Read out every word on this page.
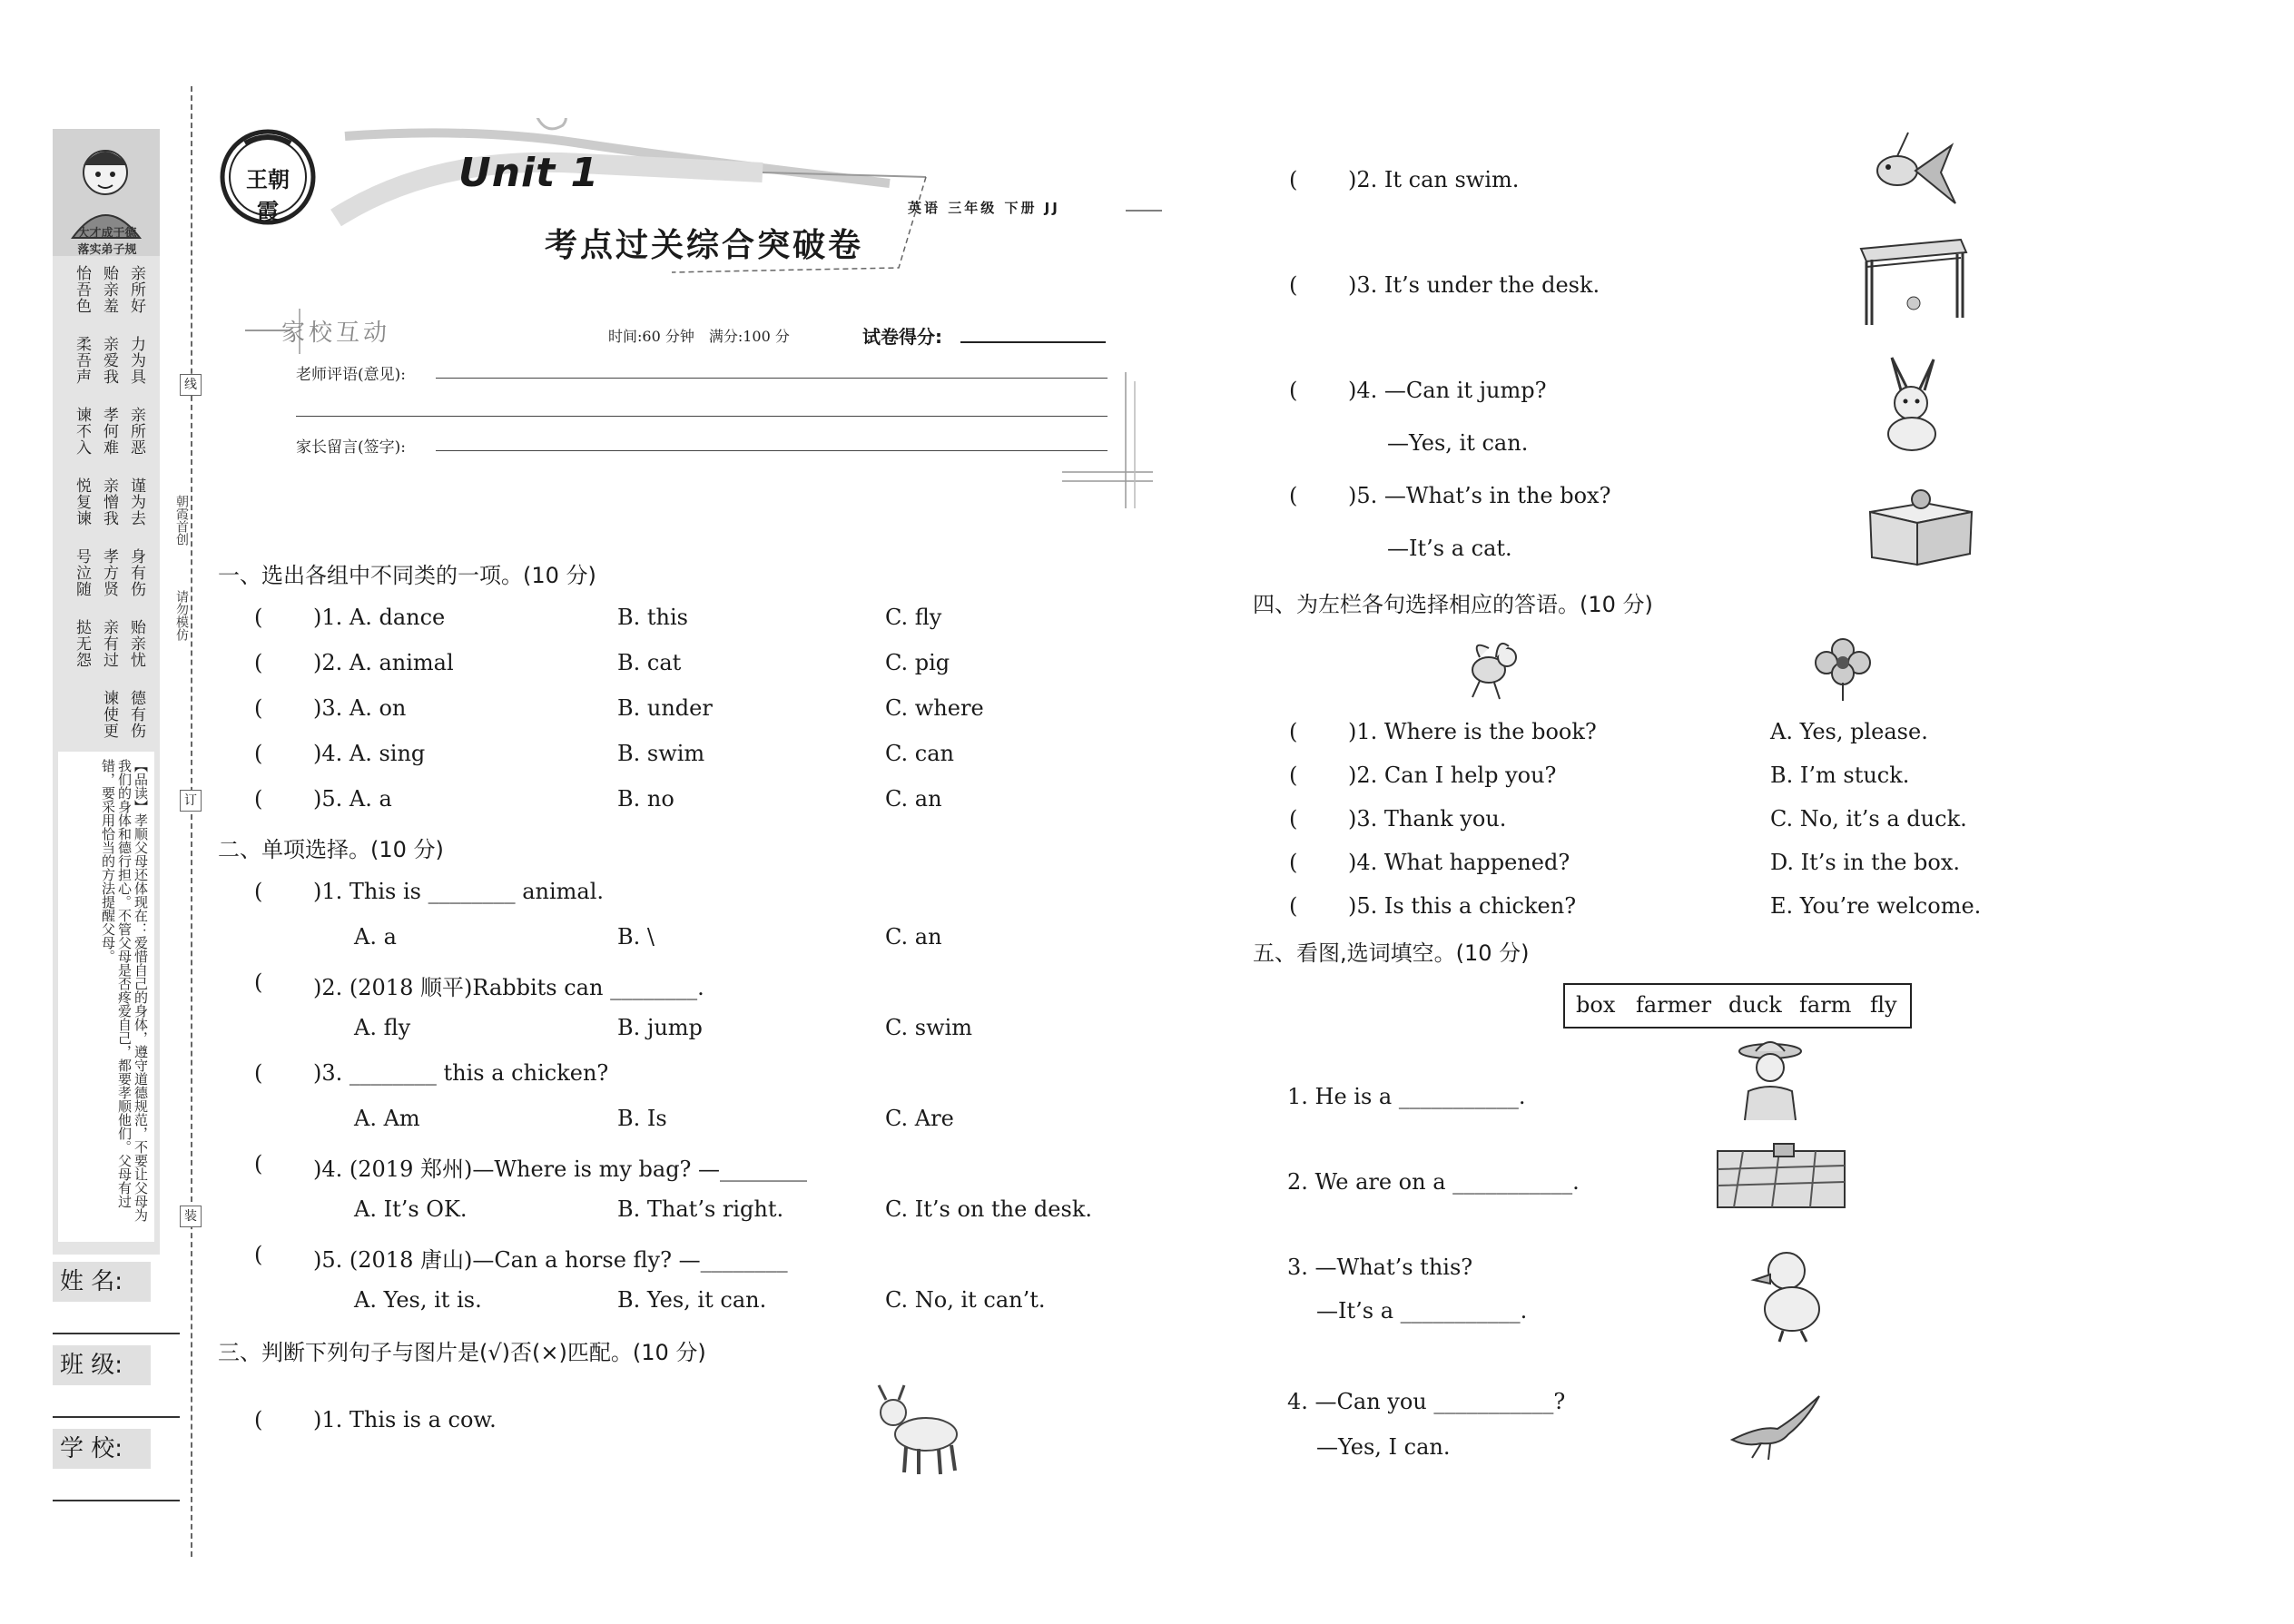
大才成于德
落实弟子规
亲所好
力为具
亲所恶
谨为去
身有伤
贻亲忧
德有伤
贻亲羞
亲爱我
孝何难
亲憎我
孝方贤
亲有过
谏使更
怡吾色
柔吾声
谏不入
悦复谏
号泣随
挞无怨
【品读】孝顺父母还体现在：爱惜自己的身体，遵守道德规范，不要让父母为我们的身体和德行担心。不管父母是否疼爱自己，都要孝顺他们。父母有过错，要采用恰当的方法提醒父母。
姓 名:
班 级:
学 校:
线
订
装
朝霞首创
请勿模仿
王朝霞
Unit 1
考点过关综合突破卷
英语 三年级 下册 JJ
家校互动	时间:60 分钟　满分:100 分	试卷得分:
老师评语(意见):
家长留言(签字):
一、选出各组中不同类的一项。(10 分)
( )1. A. dance	B. this	C. fly
( )2. A. animal	B. cat	C. pig
( )3. A. on	B. under	C. where
( )4. A. sing	B. swim	C. can
( )5. A. a	B. no	C. an
二、单项选择。(10 分)
( )1. This is ________ animal.
A. a	B. \	C. an
( )2. (2018 顺平)Rabbits can ________.
A. fly	B. jump	C. swim
( )3. ________ this a chicken?
A. Am	B. Is	C. Are
( )4. (2019 郑州)—Where is my bag? —________
A. It’s OK.	B. That’s right.	C. It’s on the desk.
( )5. (2018 唐山)—Can a horse fly? —________
A. Yes, it is.	B. Yes, it can.	C. No, it can’t.
三、判断下列句子与图片是(√)否(×)匹配。(10 分)
( )1. This is a cow.
( )2. It can swim.
( )3. It’s under the desk.
( )4. —Can it jump?
—Yes, it can.
( )5. —What’s in the box?
—It’s a cat.
四、为左栏各句选择相应的答语。(10 分)
( )1. Where is the book?	A. Yes, please.
( )2. Can I help you?	B. I’m stuck.
( )3. Thank you.	C. No, it’s a duck.
( )4. What happened?	D. It’s in the box.
( )5. Is this a chicken?	E. You’re welcome.
五、看图,选词填空。(10 分)
box farmer duck farm fly
1. He is a ___________.
2. We are on a ___________.
3. —What’s this?
—It’s a ___________.
4. —Can you ___________?
—Yes, I can.
